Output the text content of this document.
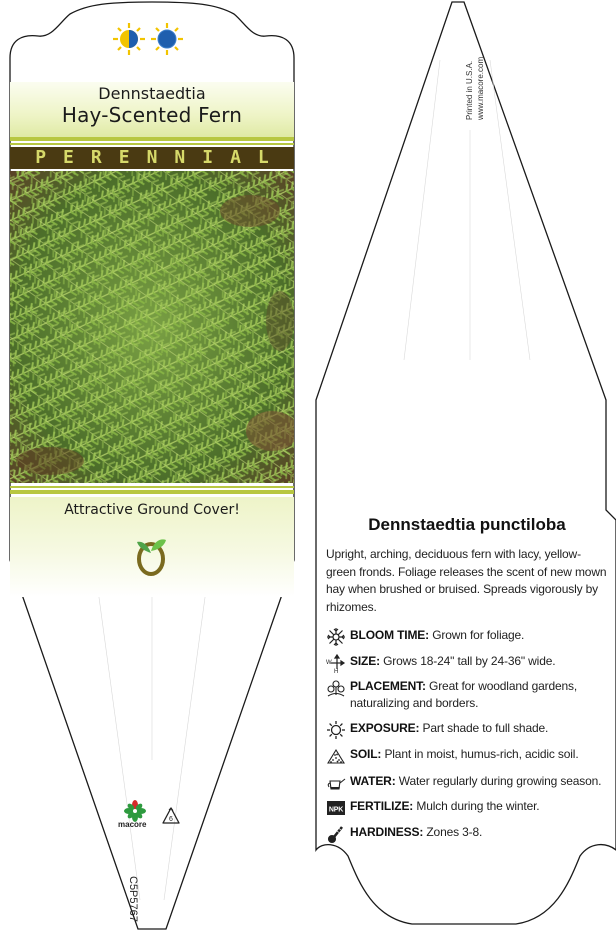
Dennstaedtia
Hay-Scented Fern
PERENNIAL
Attractive Ground Cover!
macore
6
C5P5767
Printed in U.S.A. www.macore.com
Dennstaedtia punctiloba
Upright, arching, deciduous fern with lacy, yellow-green fronds. Foliage releases the scent of new mown hay when brushed or bruised. Spreads vigorously by rhizomes.
BLOOM TIME: Grown for foliage.
W
H
SIZE: Grows 18-24" tall by 24-36" wide.
PLACEMENT: Great for woodland gardens, naturalizing and borders.
EXPOSURE: Part shade to full shade.
SOIL: Plant in moist, humus-rich, acidic soil.
WATER: Water regularly during growing season.
NPK FERTILIZE: Mulch during the winter.
HARDINESS: Zones 3-8.
